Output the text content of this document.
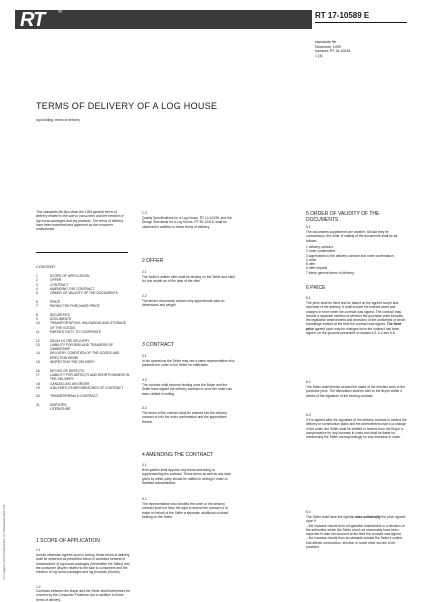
RT ®	RT 17-10589 E
standards file
November 1995
replaces RT 16-10435
1 (4)
TERMS OF DELIVERY OF A LOG HOUSE
log building, terms of delivery
14111 Ingløpen 1995/1100 Rakennustieto Oy © Rakennustietosäätiö 1995
This standards file lays down the 1994 general terms of delivery related to the sale to consumers and the erection of log house packages and log products. The terms of delivery have been examined and approved by the consumer ombudsman.
CONTENT
1	SCOPE OF APPLICATION
2	OFFER
3	CONTRACT
4	AMENDING THE CONTRACT
5	ORDER OF VALIDITY OF THE DOCUMENTS
6	PRICE
7	PAYING THE PURCHASE PRICE
8	SECURITIES
9	DOCUMENTS
10	TRANSPORTATION, UNLOADING AND STORAGE OF THE GOODS
11	PARTIES' DUTY TO COOPERATE
12	DELAY IN THE DELIVERY
13	LIABILITY FOR RISK AND TRANSFER OF OWNERSHIP
14	DELIVERY CONDITION OF THE GOODS AND ERECTION WORK
15	INSPECTING THE DELIVERY
16	NOTICE OF DEFECTS
17	LIABILITY FOR DEFECTS AND SHORTCOMINGS IN THE DELIVERY
18	CANCELLING AN ORDER
19	A BUYER'S OTHER BREACHES OF CONTRACT
20	TRANSFERRING A CONTRACT
21	DISPUTES
LITERATURE
1 SCOPE OF APPLICATION
1.1
Unless otherwise agreed upon in writing, these terms of delivery shall be observed as presented below in contracts between a manufacturer of log house packages (hereinafter the Seller) and the consumer (Buyer) related to the sale to consumers and the erection of log house packages and log products (Goods).
1.2
Contracts between the Buyer and the Seller shall furthermore be covered by the Consumer Protection Act in addition to these terms of delivery.
1.3
Quality Specifications for a Log House, RT 14-10436, and the Design Standards for a Log House, RT 82-10415, shall be observed in addition to these terms of delivery.
2 OFFER
2.1
The Seller's written offer shall be binding on the Seller and valid for one month as of the date of the offer.
2.2
The tender documents contain only approximate data on dimensions and weight.
3 CONTRACT
3.1
In his operations the Seller may use a sales representative who presents the order to the Seller for ratification.
3.2
The contract shall become binding once the Buyer and the Seller have signed the delivery contract or once the order has been ratified in writing.
3.3
The terms of the contract shall be entered into the delivery contract or into the order confirmation and the appendixes thereto.
4 AMENDING THE CONTRACT
4.1
Both parties shall approve any terms amending or supplementing the contract. These terms as well as any data given by either party should be ratified in writing in order to facilitate substantiation.
4.2
The representative who handled the order or the delivery contract shall not have the right to amend the contract or to make on behalf of the Seller a separate, additional contract binding on the Seller.
5 ORDER OF VALIDITY OF THE DOCUMENTS
5.1
The documents supplement one another. Should they be contradictory, the order of validity of the documents shall be as follows:
1 delivery contract
2 order confirmation
3 appendixes to the delivery contract and order confirmation
4 order
5 offer
6 offer request
7 these general terms of delivery
6 PRICE
6.1
The price shall be fixed and be based on the agreed scope and schedule of the delivery. It shall include the indirect taxes and charges in force when the contract was signed. The contract may include a separate mention of whether the purchase price includes the legislative amendments and decisions of the authorities of which knowledge existed at the time the contract was signed. The fixed price agreed upon may be changed once the contract has been signed, on the grounds presented in clauses 6.3, 6.4 and 6.5.
6.2
The Seller shall itemize at least the share of the erection work in the purchase price. The itemization shall be sent to the Buyer within 4 weeks of the signature of the binding contract.
6.3
If it is agreed after the signature of the delivery contract to amend the delivery or construction plans and the amendments lead to a change in the costs, the Seller shall be entitled to receive from the Buyer a compensation for any increase in costs and shall be liable for reimbursing the Seller correspondingly for any decrease in costs.
6.4
The Seller shall have the right to raise unilaterally the price agreed upon if
– the increase results from a legislative amendment or a decision of the authorities which the Seller could not reasonably have been expected to take into account at the time the contract was signed
– the increase results from an obstacle outside the Seller's control that affects construction, erection or some other service to be provided
